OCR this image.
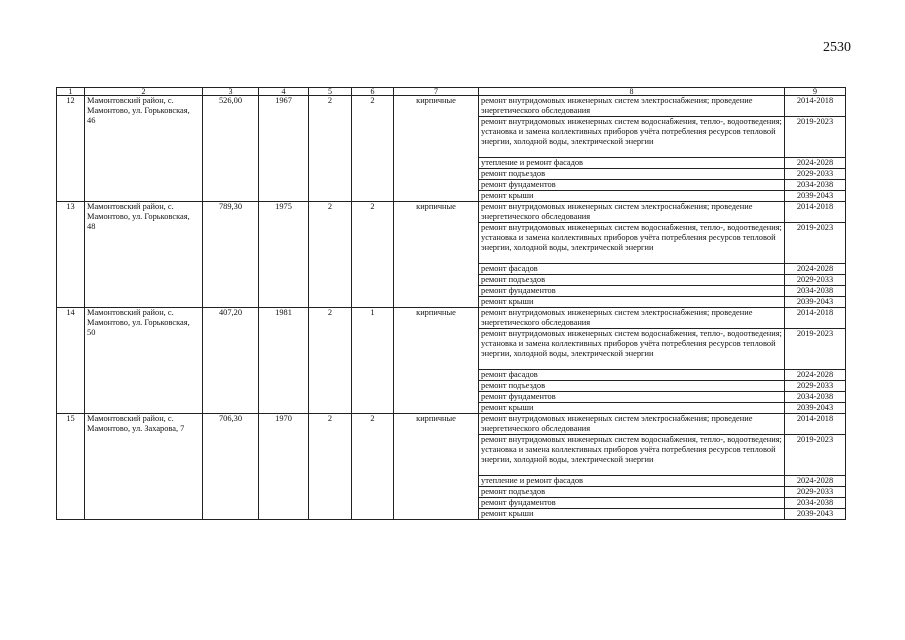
2530
1	2	3	4	5	6	7	8	9
12	Мамонтовский район, с. Мамонтово, ул. Горьковская, 46	526,00	1967	2	2	кирпичные	ремонт внутридомовых инженерных систем электроснабжения; проведение энергетического обследования	2014-2018
							ремонт внутридомовых инженерных систем водоснабжения, тепло-, водоотведения; установка и замена коллективных приборов учёта потребления ресурсов тепловой энергии, холодной воды, электрической энергии	2019-2023
							утепление и ремонт фасадов	2024-2028
							ремонт подъездов	2029-2033
							ремонт фундаментов	2034-2038
							ремонт крыши	2039-2043
13	Мамонтовский район, с. Мамонтово, ул. Горьковская, 48	789,30	1975	2	2	кирпичные	ремонт внутридомовых инженерных систем электроснабжения; проведение энергетического обследования	2014-2018
							ремонт внутридомовых инженерных систем водоснабжения, тепло-, водоотведения; установка и замена коллективных приборов учёта потребления ресурсов тепловой энергии, холодной воды, электрической энергии	2019-2023
							ремонт фасадов	2024-2028
							ремонт подъездов	2029-2033
							ремонт фундаментов	2034-2038
							ремонт крыши	2039-2043
14	Мамонтовский район, с. Мамонтово, ул. Горьковская, 50	407,20	1981	2	1	кирпичные	ремонт внутридомовых инженерных систем электроснабжения; проведение энергетического обследования	2014-2018
							ремонт внутридомовых инженерных систем водоснабжения, тепло-, водоотведения; установка и замена коллективных приборов учёта потребления ресурсов тепловой энергии, холодной воды, электрической энергии	2019-2023
							ремонт фасадов	2024-2028
							ремонт подъездов	2029-2033
							ремонт фундаментов	2034-2038
							ремонт крыши	2039-2043
15	Мамонтовский район, с. Мамонтово, ул. Захарова, 7	706,30	1970	2	2	кирпичные	ремонт внутридомовых инженерных систем электроснабжения; проведение энергетического обследования	2014-2018
							ремонт внутридомовых инженерных систем водоснабжения, тепло-, водоотведения; установка и замена коллективных приборов учёта потребления ресурсов тепловой энергии, холодной воды, электрической энергии	2019-2023
							утепление и ремонт фасадов	2024-2028
							ремонт подъездов	2029-2033
							ремонт фундаментов	2034-2038
							ремонт крыши	2039-2043
